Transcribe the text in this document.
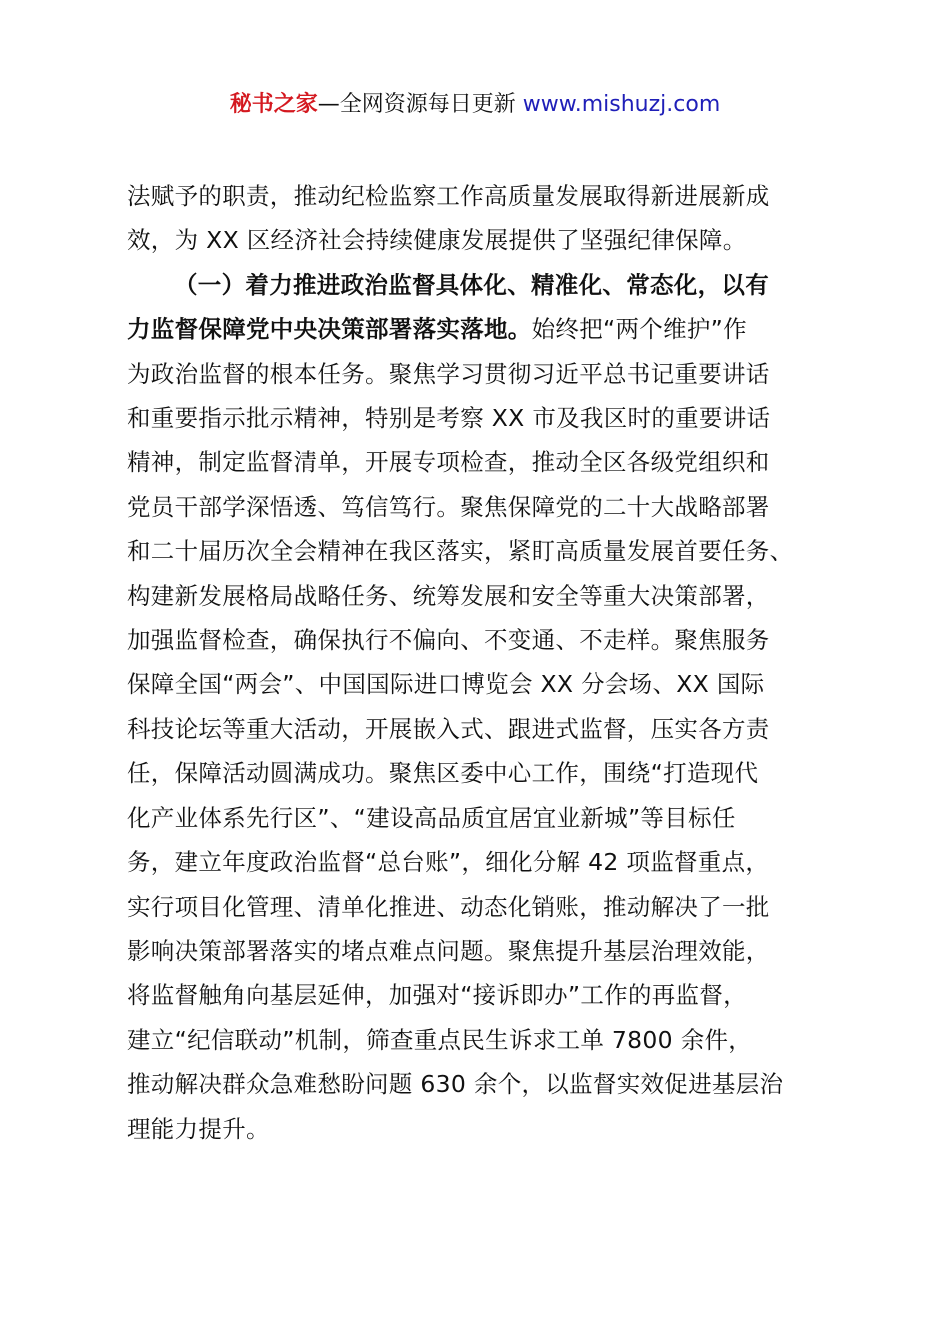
秘书之家—全网资源每日更新 www.mishuzj.com

法赋予的职责，推动纪检监察工作高质量发展取得新进展新成
效，为 XX 区经济社会持续健康发展提供了坚强纪律保障。

（一）着力推进政治监督具体化、精准化、常态化，以有
力监督保障党中央决策部署落实落地。始终把“两个维护”作
为政治监督的根本任务。聚焦学习贯彻习近平总书记重要讲话
和重要指示批示精神，特别是考察 XX 市及我区时的重要讲话
精神，制定监督清单，开展专项检查，推动全区各级党组织和
党员干部学深悟透、笃信笃行。聚焦保障党的二十大战略部署
和二十届历次全会精神在我区落实，紧盯高质量发展首要任务、
构建新发展格局战略任务、统筹发展和安全等重大决策部署，
加强监督检查，确保执行不偏向、不变通、不走样。聚焦服务
保障全国“两会”、中国国际进口博览会 XX 分会场、XX 国际
科技论坛等重大活动，开展嵌入式、跟进式监督，压实各方责
任，保障活动圆满成功。聚焦区委中心工作，围绕“打造现代
化产业体系先行区”、“建设高品质宜居宜业新城”等目标任
务，建立年度政治监督“总台账”，细化分解 42 项监督重点，
实行项目化管理、清单化推进、动态化销账，推动解决了一批
影响决策部署落实的堵点难点问题。聚焦提升基层治理效能，
将监督触角向基层延伸，加强对“接诉即办”工作的再监督，
建立“纪信联动”机制，筛查重点民生诉求工单 7800 余件，
推动解决群众急难愁盼问题 630 余个，以监督实效促进基层治
理能力提升。
